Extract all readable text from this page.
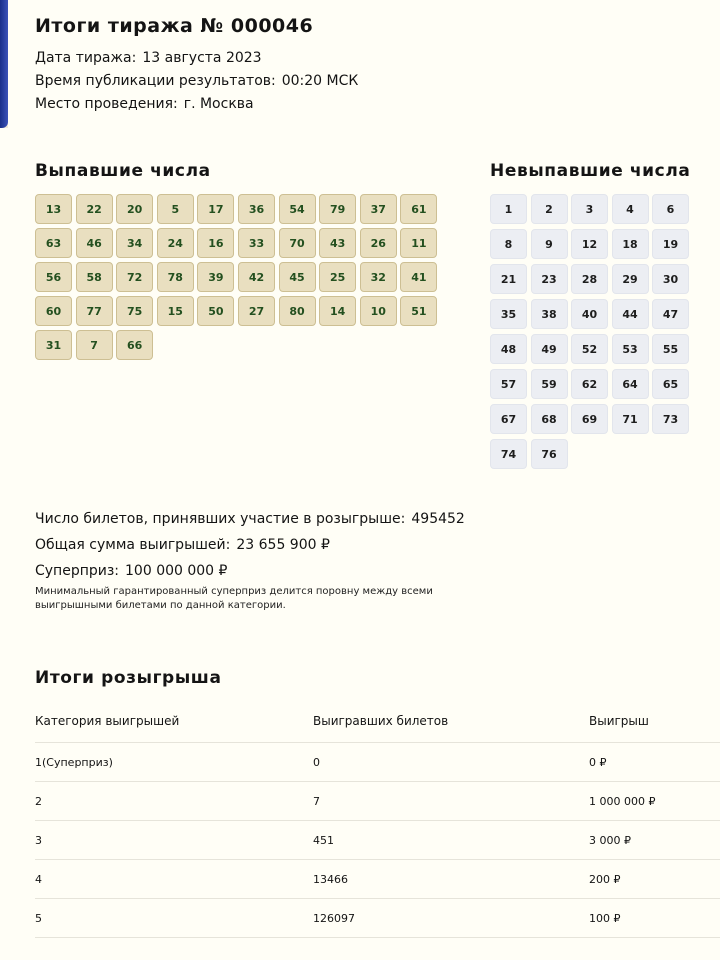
Итоги тиража № 000046
Дата тиража: 13 августа 2023
Время публикации результатов: 00:20 МСК
Место проведения: г. Москва
Выпавшие числа
13	22	20	5	17	36	54	79	37	61
63	46	34	24	16	33	70	43	26	11
56	58	72	78	39	42	45	25	32	41
60	77	75	15	50	27	80	14	10	51
31	7	66
Невыпавшие числа
1	2	3	4	6
8	9	12	18	19
21	23	28	29	30
35	38	40	44	47
48	49	52	53	55
57	59	62	64	65
67	68	69	71	73
74	76
Число билетов, принявших участие в розыгрыше: 495452
Общая сумма выигрышей: 23 655 900 ₽
Суперприз: 100 000 000 ₽
Минимальный гарантированный суперприз делится поровну между всеми выигрышными билетами по данной категории.
Итоги розыгрыша
Категория выигрышей	Выигравших билетов	Выигрыш
1(Суперприз)	0	0 ₽
2	7	1 000 000 ₽
3	451	3 000 ₽
4	13466	200 ₽
5	126097	100 ₽
